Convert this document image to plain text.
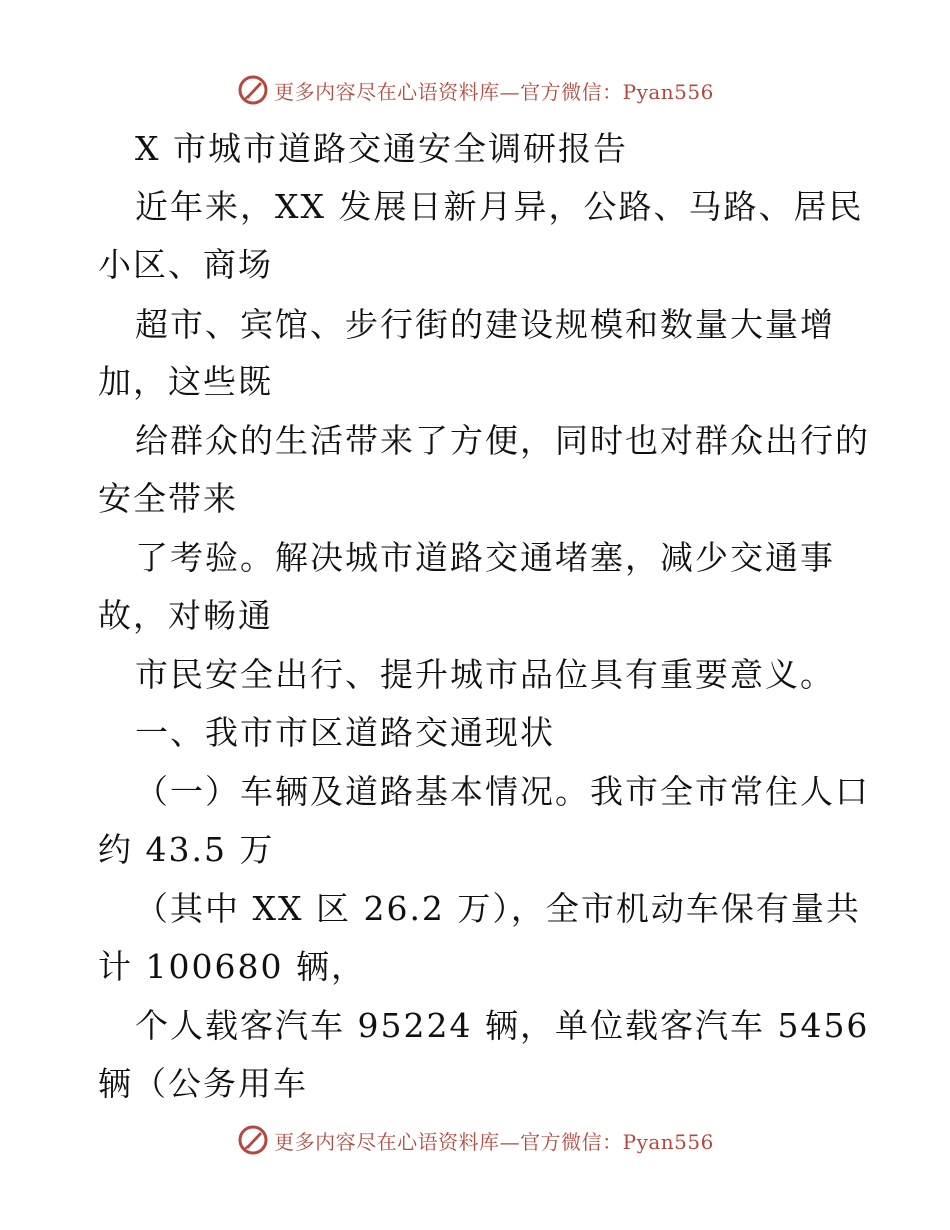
更多内容尽在心语资料库—官方微信：Pyan556
X 市城市道路交通安全调研报告
近年来，XX 发展日新月异，公路、马路、居民
小区、商场
超市、宾馆、步行街的建设规模和数量大量增
加，这些既
给群众的生活带来了方便，同时也对群众出行的
安全带来
了考验。解决城市道路交通堵塞，减少交通事
故，对畅通
市民安全出行、提升城市品位具有重要意义。
一、我市市区道路交通现状
（一）车辆及道路基本情况。我市全市常住人口
约 43.5 万
（其中 XX 区 26.2 万），全市机动车保有量共
计 100680 辆，
个人载客汽车 95224 辆，单位载客汽车 5456
辆（公务用车
更多内容尽在心语资料库—官方微信：Pyan556
